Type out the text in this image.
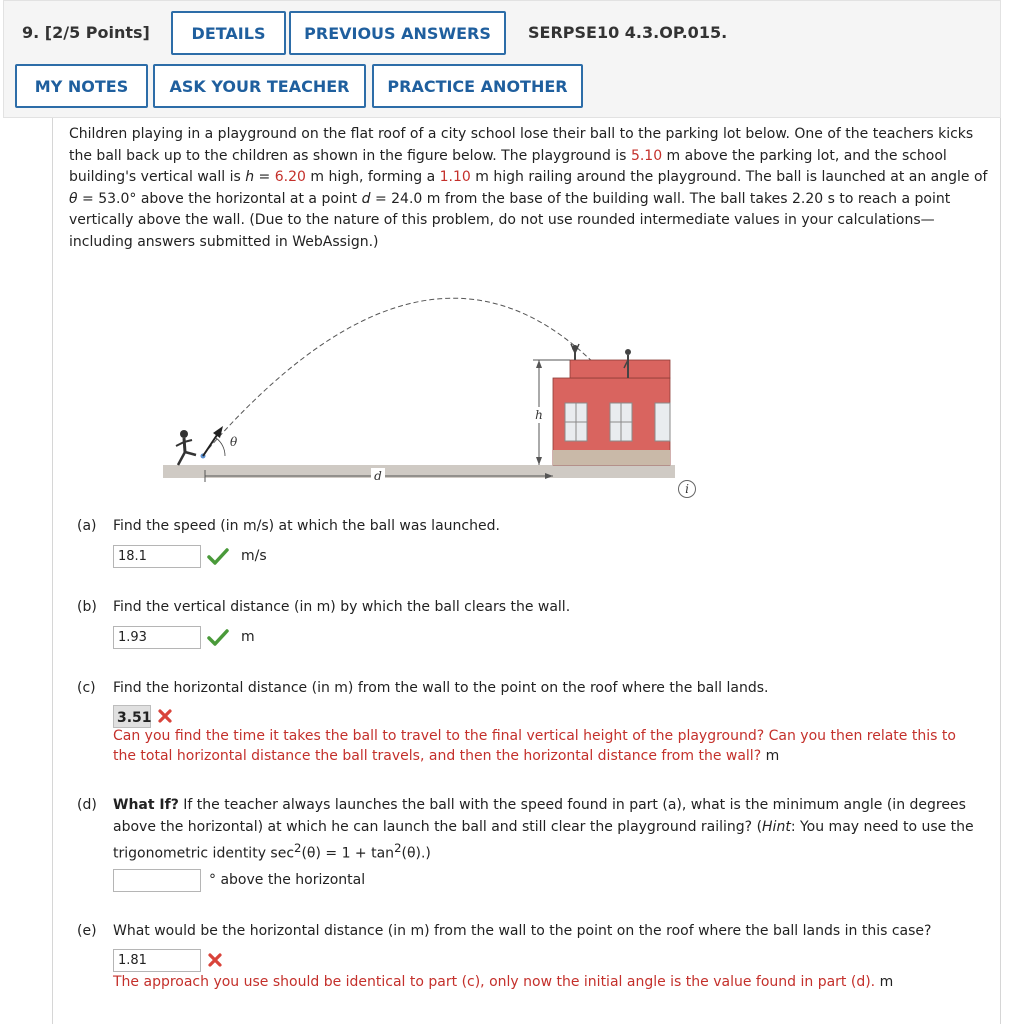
9. [2/5 Points]	DETAILS	PREVIOUS ANSWERS	SERPSE10 4.3.OP.015.
MY NOTES	ASK YOUR TEACHER	PRACTICE ANOTHER
Children playing in a playground on the flat roof of a city school lose their ball to the parking lot below. One of the teachers kicks the ball back up to the children as shown in the figure below. The playground is 5.10 m above the parking lot, and the school building's vertical wall is h = 6.20 m high, forming a 1.10 m high railing around the playground. The ball is launched at an angle of θ = 53.0° above the horizontal at a point d = 24.0 m from the base of the building wall. The ball takes 2.20 s to reach a point vertically above the wall. (Due to the nature of this problem, do not use rounded intermediate values in your calculations—including answers submitted in WebAssign.)
h
d
θ
i
(a) Find the speed (in m/s) at which the ball was launched.
18.1
m/s
(b) Find the vertical distance (in m) by which the ball clears the wall.
1.93
m
(c) Find the horizontal distance (in m) from the wall to the point on the roof where the ball lands.
3.51
Can you find the time it takes the ball to travel to the final vertical height of the playground? Can you then relate this to the total horizontal distance the ball travels, and then the horizontal distance from the wall? m
(d) What If? If the teacher always launches the ball with the speed found in part (a), what is the minimum angle (in degrees above the horizontal) at which he can launch the ball and still clear the playground railing? (Hint: You may need to use the trigonometric identity $\sec^2(\theta) = 1 + \tan^2(\theta)$.)
° above the horizontal
(e) What would be the horizontal distance (in m) from the wall to the point on the roof where the ball lands in this case?
1.81
The approach you use should be identical to part (c), only now the initial angle is the value found in part (d). m
